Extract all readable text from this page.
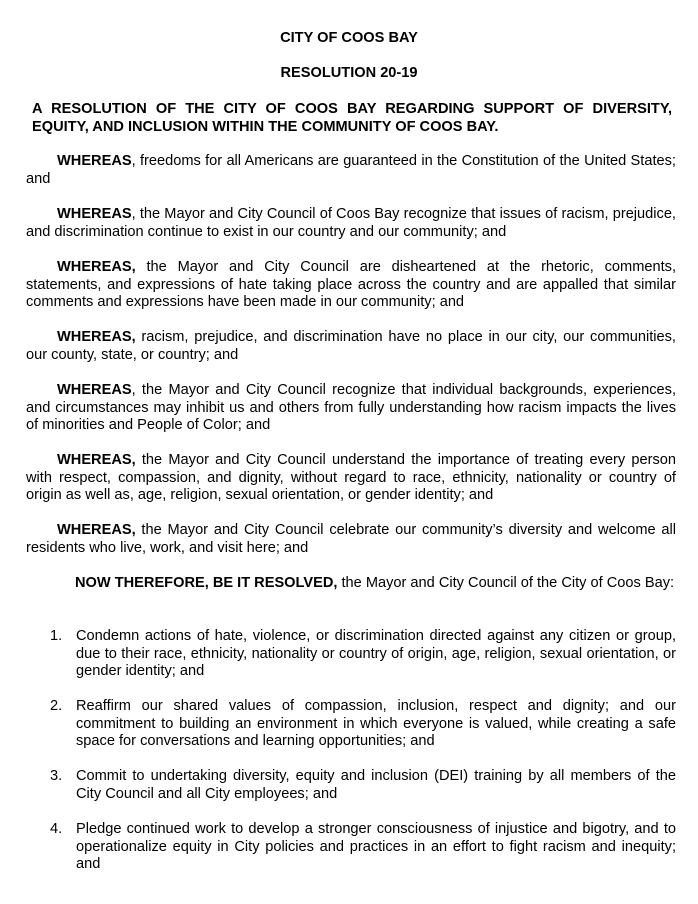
CITY OF COOS BAY
RESOLUTION 20-19
A RESOLUTION OF THE CITY OF COOS BAY REGARDING SUPPORT OF DIVERSITY, EQUITY, AND INCLUSION WITHIN THE COMMUNITY OF COOS BAY.
WHEREAS, freedoms for all Americans are guaranteed in the Constitution of the United States; and
WHEREAS, the Mayor and City Council of Coos Bay recognize that issues of racism, prejudice, and discrimination continue to exist in our country and our community; and
WHEREAS, the Mayor and City Council are disheartened at the rhetoric, comments, statements, and expressions of hate taking place across the country and are appalled that similar comments and expressions have been made in our community; and
WHEREAS, racism, prejudice, and discrimination have no place in our city, our communities, our county, state, or country; and
WHEREAS, the Mayor and City Council recognize that individual backgrounds, experiences, and circumstances may inhibit us and others from fully understanding how racism impacts the lives of minorities and People of Color; and
WHEREAS, the Mayor and City Council understand the importance of treating every person with respect, compassion, and dignity, without regard to race, ethnicity, nationality or country of origin as well as, age, religion, sexual orientation, or gender identity; and
WHEREAS, the Mayor and City Council celebrate our community’s diversity and welcome all residents who live, work, and visit here; and
NOW THEREFORE, BE IT RESOLVED, the Mayor and City Council of the City of Coos Bay:
1. Condemn actions of hate, violence, or discrimination directed against any citizen or group, due to their race, ethnicity, nationality or country of origin, age, religion, sexual orientation, or gender identity; and
2. Reaffirm our shared values of compassion, inclusion, respect and dignity; and our commitment to building an environment in which everyone is valued, while creating a safe space for conversations and learning opportunities; and
3. Commit to undertaking diversity, equity and inclusion (DEI) training by all members of the City Council and all City employees; and
4. Pledge continued work to develop a stronger consciousness of injustice and bigotry, and to operationalize equity in City policies and practices in an effort to fight racism and inequity; and
